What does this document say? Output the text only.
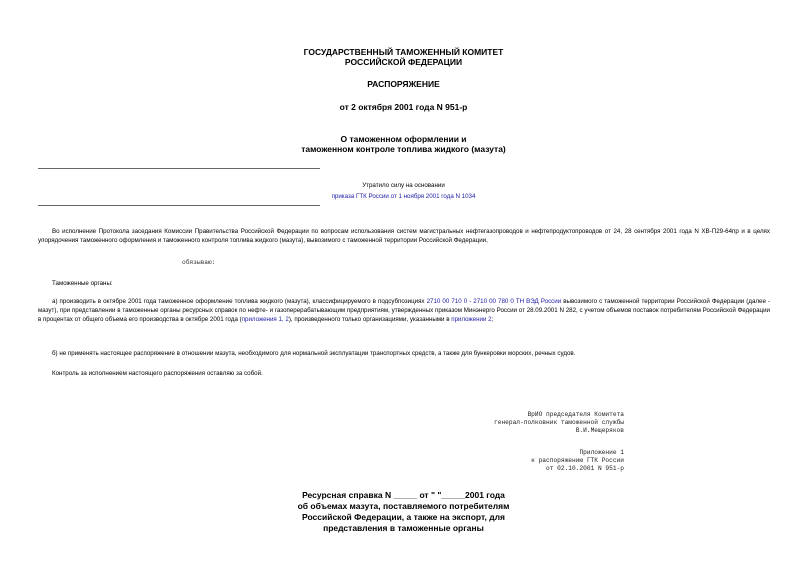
ГОСУДАРСТВЕННЫЙ ТАМОЖЕННЫЙ КОМИТЕТ
РОССИЙСКОЙ ФЕДЕРАЦИИ
РАСПОРЯЖЕНИЕ
от 2 октября 2001 года N 951-р
О таможенном оформлении и
таможенном контроле топлива жидкого (мазута)
Утратило силу на основании
приказа ГТК России от 1 ноября 2001 года N 1034
Во исполнение Протокола заседания Комиссии Правительства Российской Федерации по вопросам использования систем магистральных нефтегазопроводов и нефтепродуктопроводов от 24, 28 сентября 2001 года N ХВ-П29-64пр и в целях упорядочения таможенного оформления и таможенного контроля топлива жидкого (мазута), вывозимого с таможенной территории Российской Федерации,
обязываю:
Таможенные органы:
а) производить в октябре 2001 года таможенное оформление топлива жидкого (мазута), классифицируемого в подсубпозициях 2710 00 710 0 - 2710 00 780 0 ТН ВЭД России вывозимого с таможенной территории Российской Федерации (далее - мазут), при представлении в таможенные органы ресурсных справок по нефте- и газоперерабатывающим предприятиям, утвержденных приказом Минэнерго России от 28.09.2001 N 282, с учетом объемов поставок потребителям Российской Федерации в процентах от общего объема его производства в октябре 2001 года (приложения 1, 2), произведенного только организациями, указанными в приложении 2;
б) не применять настоящее распоряжение в отношении мазута, необходимого для нормальной эксплуатации транспортных средств, а также для бункеровки морских, речных судов.
Контроль за исполнением настоящего распоряжения оставляю за собой.
ВрИО председателя Комитета
генерал-полковник таможенной службы
В.И.Мещеряков
Приложение 1
к распоряжению ГТК России
от 02.10.2001 N 951-р
Ресурсная справка N _____ от " "_____2001 года
об объемах мазута, поставляемого потребителям
Российской Федерации, а также на экспорт, для
представления в таможенные органы
